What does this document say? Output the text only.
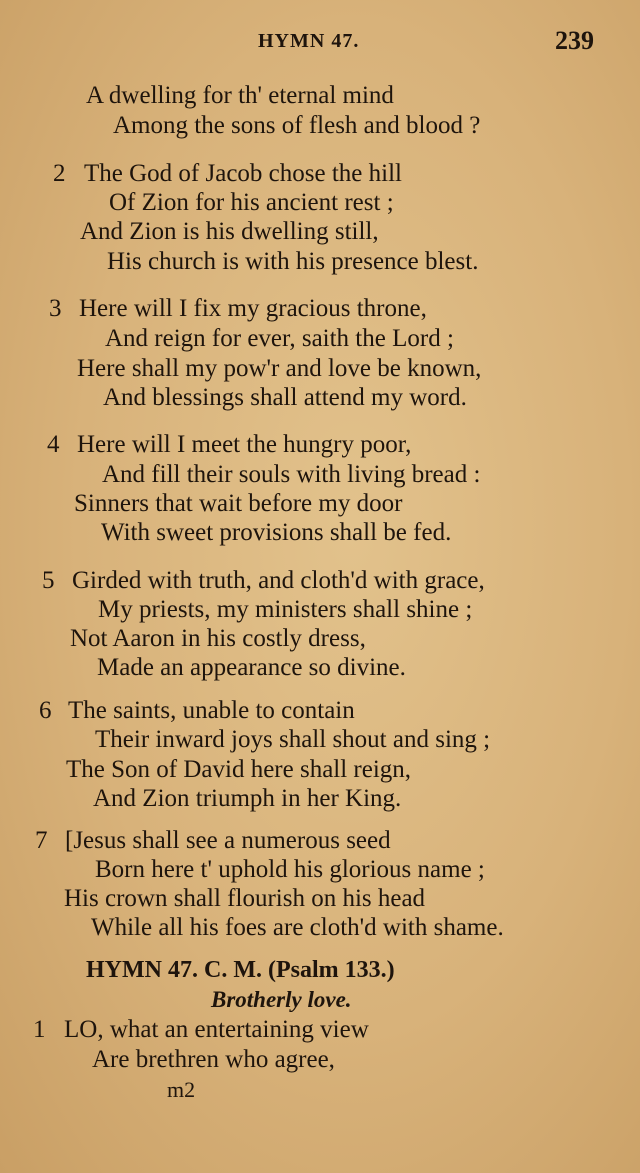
HYMN 47.	239
A dwelling for th' eternal mind
Among the sons of flesh and blood ?
2 The God of Jacob chose the hill
Of Zion for his ancient rest ;
And Zion is his dwelling still,
His church is with his presence blest.
3 Here will I fix my gracious throne,
And reign for ever, saith the Lord ;
Here shall my pow'r and love be known,
And blessings shall attend my word.
4 Here will I meet the hungry poor,
And fill their souls with living bread :
Sinners that wait before my door
With sweet provisions shall be fed.
5 Girded with truth, and cloth'd with grace,
My priests, my ministers shall shine ;
Not Aaron in his costly dress,
Made an appearance so divine.
6 The saints, unable to contain
Their inward joys shall shout and sing ;
The Son of David here shall reign,
And Zion triumph in her King.
7 [Jesus shall see a numerous seed
Born here t' uphold his glorious name ;
His crown shall flourish on his head
While all his foes are cloth'd with shame.
HYMN 47. C. M. (Psalm 133.)
Brotherly love.
1 LO, what an entertaining view
Are brethren who agree,
m2
